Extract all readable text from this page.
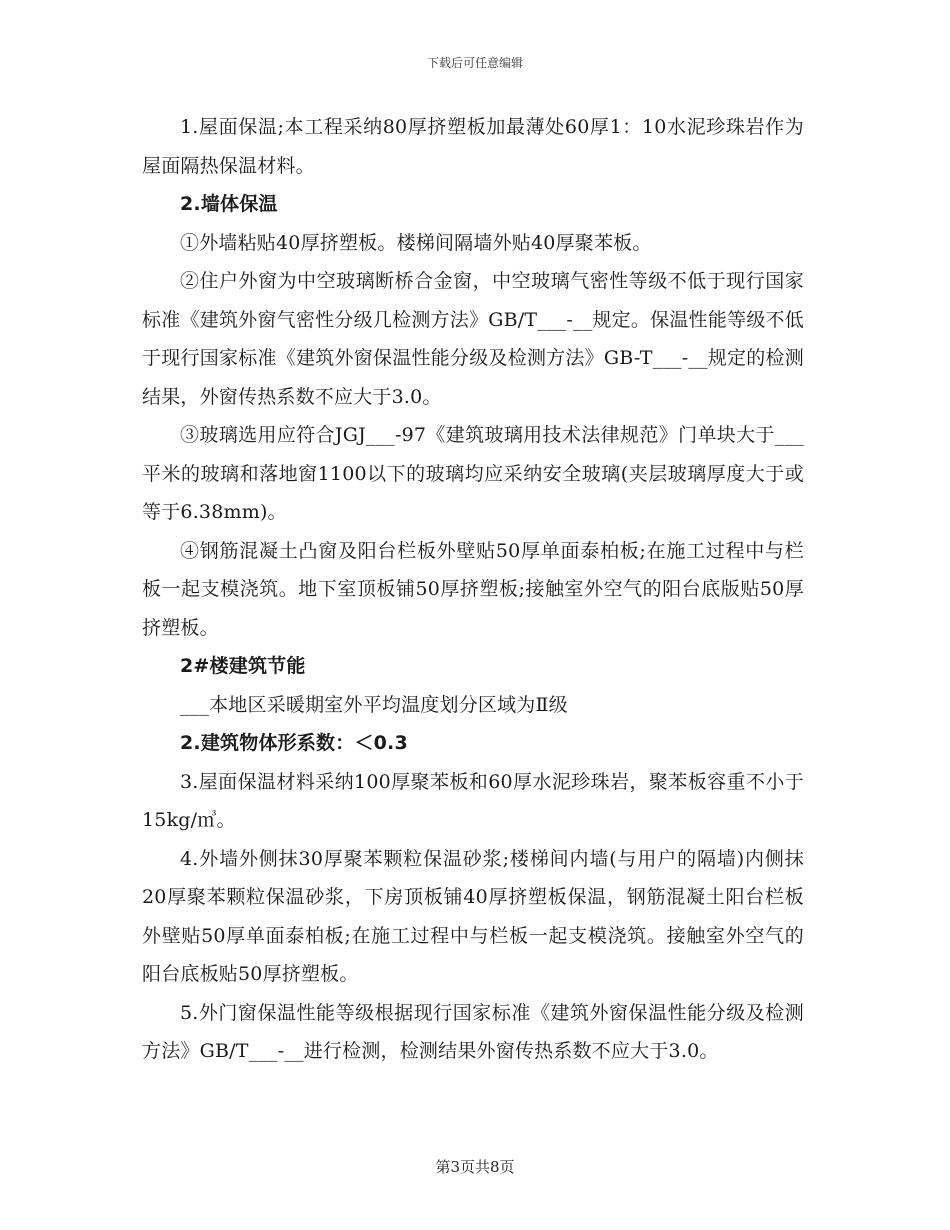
下载后可任意编辑

1.屋面保温;本工程采纳80厚挤塑板加最薄处60厚1：10水泥珍珠岩作为屋面隔热保温材料。

2.墙体保温

①外墙粘贴40厚挤塑板。楼梯间隔墙外贴40厚聚苯板。

②住户外窗为中空玻璃断桥合金窗，中空玻璃气密性等级不低于现行国家标准《建筑外窗气密性分级几检测方法》GB/T___-__规定。保温性能等级不低于现行国家标准《建筑外窗保温性能分级及检测方法》GB-T___-__规定的检测结果，外窗传热系数不应大于3.0。

③玻璃选用应符合JGJ___-97《建筑玻璃用技术法律规范》门单块大于___平米的玻璃和落地窗1100以下的玻璃均应采纳安全玻璃(夹层玻璃厚度大于或等于6.38mm)。

④钢筋混凝土凸窗及阳台栏板外壁贴50厚单面泰柏板;在施工过程中与栏板一起支模浇筑。地下室顶板铺50厚挤塑板;接触室外空气的阳台底版贴50厚挤塑板。

2#楼建筑节能

___本地区采暖期室外平均温度划分区域为Ⅱ级

2.建筑物体形系数：＜0.3

3.屋面保温材料采纳100厚聚苯板和60厚水泥珍珠岩，聚苯板容重不小于15kg/㎥。

4.外墙外侧抹30厚聚苯颗粒保温砂浆;楼梯间内墙(与用户的隔墙)内侧抹20厚聚苯颗粒保温砂浆，下房顶板铺40厚挤塑板保温，钢筋混凝土阳台栏板外壁贴50厚单面泰柏板;在施工过程中与栏板一起支模浇筑。接触室外空气的阳台底板贴50厚挤塑板。

5.外门窗保温性能等级根据现行国家标准《建筑外窗保温性能分级及检测方法》GB/T___-__进行检测，检测结果外窗传热系数不应大于3.0。

第3页共8页
